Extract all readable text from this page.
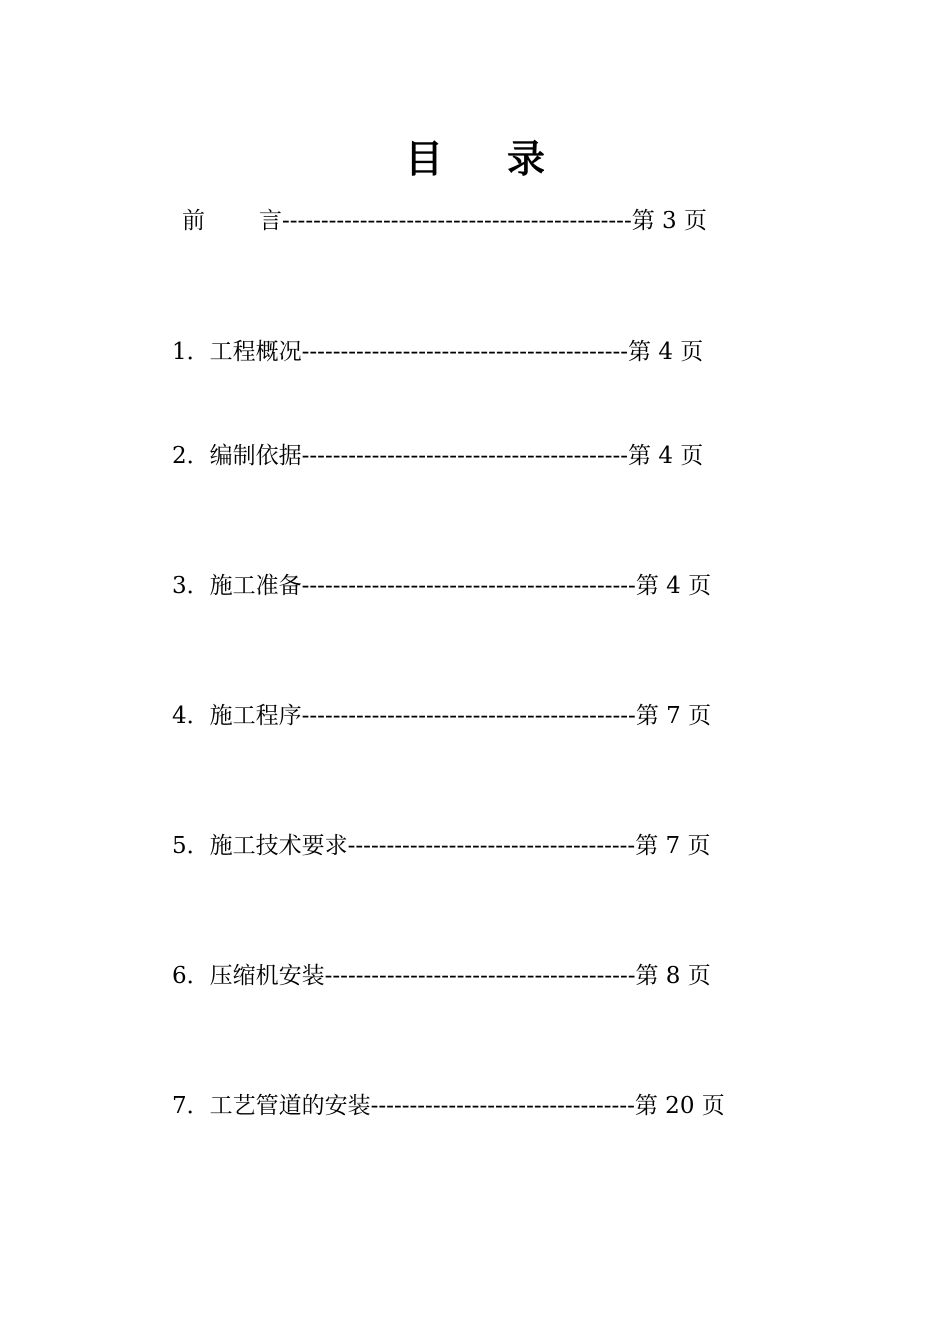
目 录
前 言---------------------------------------------第 3 页
1．工程概况------------------------------------------第 4 页
2．编制依据------------------------------------------第 4 页
3．施工准备-------------------------------------------第 4 页
4．施工程序-------------------------------------------第 7 页
5．施工技术要求-------------------------------------第 7 页
6．压缩机安装----------------------------------------第 8 页
7．工艺管道的安装----------------------------------第 20 页
